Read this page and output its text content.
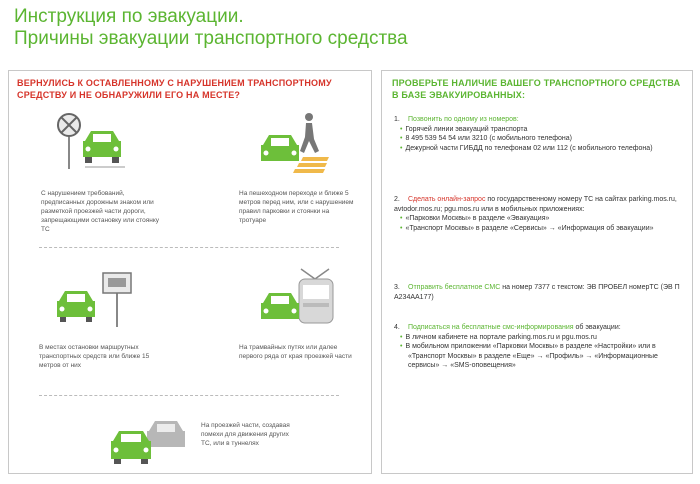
Инструкция по эвакуации.
Причины эвакуации транспортного средства
ВЕРНУЛИСЬ К ОСТАВЛЕННОМУ С НАРУШЕНИЕМ ТРАНСПОРТНОМУ СРЕДСТВУ И НЕ ОБНАРУЖИЛИ ЕГО НА МЕСТЕ?
С нарушением требований, предписанных дорожным знаком или разметкой проезжей части дороги, запрещающими остановку или стоянку ТС
На пешеходном переходе и ближе 5 метров перед ним, или с нарушением правил парковки и стоянки на тротуаре
В местах остановки маршрутных транспортных средств или ближе 15 метров от них
На трамвайных путях или далее первого ряда от края проезжей части
На проезжей части, создавая помехи для движения других ТС, или в туннелях
ПРОВЕРЬТЕ НАЛИЧИЕ ВАШЕГО ТРАНСПОРТНОГО СРЕДСТВА В БАЗЕ ЭВАКУИРОВАННЫХ:
1. Позвонить по одному из номеров:
• Горячей линии эвакуаций транспорта
• 8 495 539 54 54 или 3210 (с мобильного телефона)
• Дежурной части ГИБДД по телефонам 02 или 112 (с мобильного телефона)
2. Сделать онлайн-запрос по государственному номеру ТС на сайтах parking.mos.ru, avtodor.mos.ru; pgu.mos.ru или в мобильных приложениях:
• «Парковки Москвы» в разделе «Эвакуация»
• «Транспорт Москвы» в разделе «Сервисы» → «Информация об эвакуации»
3. Отправить бесплатное СМС на номер 7377 с текстом: ЭВ ПРОБЕЛ номерТС (ЭВ П А234АА177)
4. Подписаться на бесплатные смс-информирования об эвакуации:
• В личном кабинете на портале parking.mos.ru и pgu.mos.ru
• В мобильном приложении «Парковки Москвы» в разделе «Настройки» или в «Транспорт Москвы» в разделе «Еще» → «Профиль» → «Информационные сервисы» → «SMS-оповещения»
